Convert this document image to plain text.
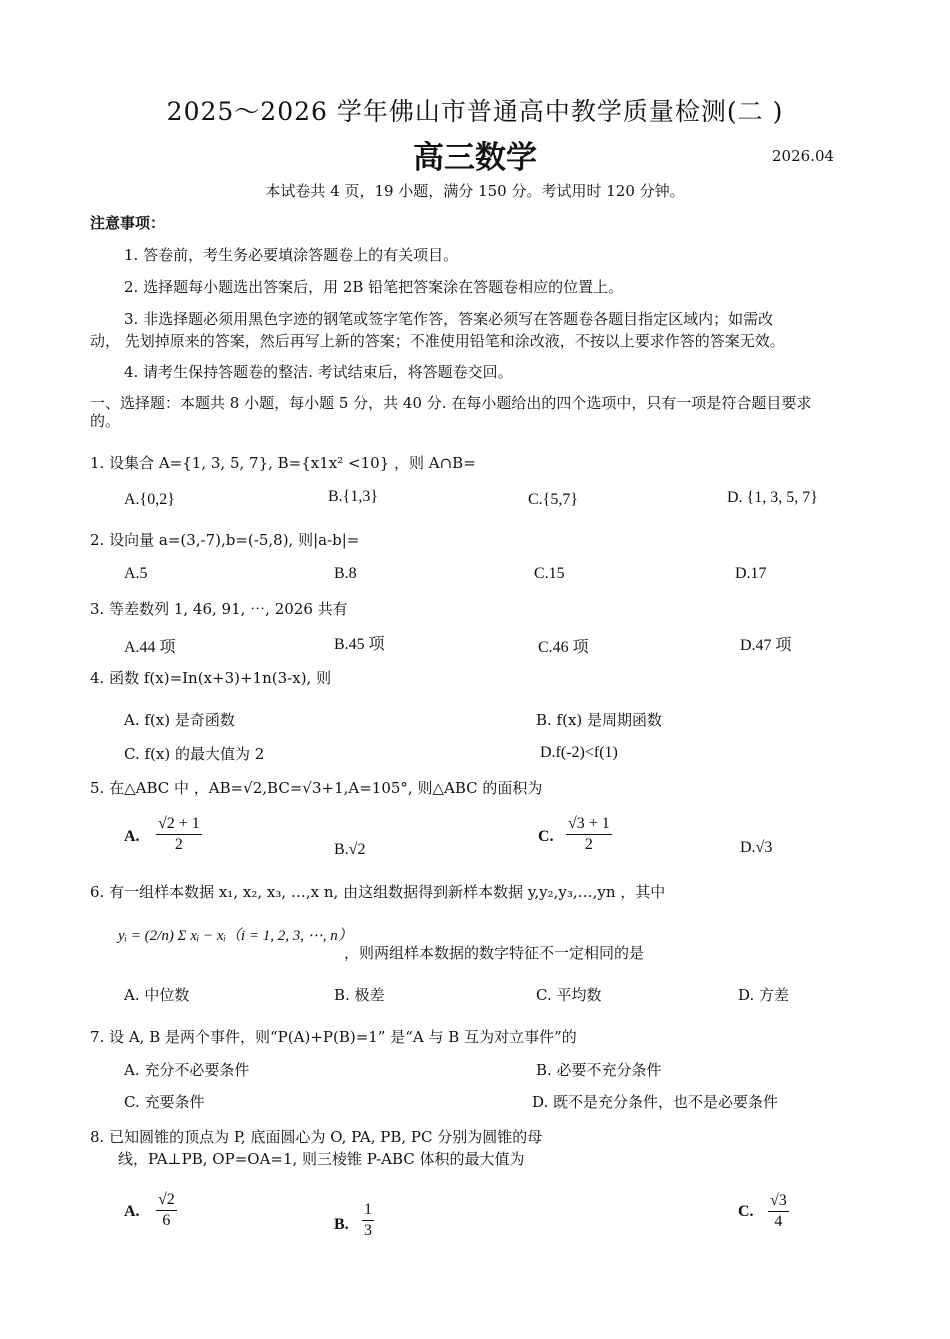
2025～2026 学年佛山市普通高中教学质量检测(二 )
高三数学	2026.04
本试卷共 4 页，19 小题，满分 150 分。考试用时 120 分钟。
注意事项：
1. 答卷前，考生务必要填涂答题卷上的有关项目。
2. 选择题每小题选出答案后，用 2B 铅笔把答案涂在答题卷相应的位置上。
3. 非选择题必须用黑色字迹的钢笔或签字笔作答，答案必须写在答题卷各题目指定区域内；如需改
动， 先划掉原来的答案，然后再写上新的答案；不准使用铅笔和涂改液，不按以上要求作答的答案无效。
4. 请考生保持答题卷的整洁. 考试结束后，将答题卷交回。
一、选择题：本题共 8 小题，每小题 5 分，共 40 分. 在每小题给出的四个选项中，只有一项是符合题目要求
的。
1. 设集合 A={1, 3, 5, 7}, B={x1x² <10} ，则 A∩B=
A.{0,2}	B.{1,3}	C.{5,7}	D. {1, 3, 5, 7}
2. 设向量 a=(3,-7),b=(-5,8), 则|a-b|=
A.5	B.8	C.15	D.17
3. 等差数列 1, 46, 91, ⋯, 2026 共有
A.44 项	B.45 项	C.46 项	D.47 项
4. 函数 f(x)=In(x+3)+1n(3-x), 则
A. f(x) 是奇函数	B. f(x) 是周期函数
C. f(x) 的最大值为 2	D.f(-2)<f(1)
5. 在△ABC 中 ，AB=√2,BC=√3+1,A=105°, 则△ABC 的面积为
A.
√2 + 1
2	B.√2
C.
√3 + 1
2	D.√3
6. 有一组样本数据 x₁, x₂, x₃, …,x n, 由这组数据得到新样本数据 y,y₂,y₃,…,yn ，其中
yᵢ = (2/n) Σ xᵢ − xᵢ（i = 1, 2, 3, ⋯, n）
，则两组样本数据的数字特征不一定相同的是
A. 中位数	B. 极差	C. 平均数	D. 方差
7. 设 A, B 是两个事件，则“P(A)+P(B)=1” 是“A 与 B 互为对立事件”的
A. 充分不必要条件	B. 必要不充分条件
C. 充要条件	D. 既不是充分条件，也不是必要条件
8. 已知圆锥的顶点为 P, 底面圆心为 O, PA, PB, PC 分别为圆锥的母
线，PA⊥PB, OP=OA=1, 则三棱锥 P-ABC 体积的最大值为
A.
√2
6	B.
1
3
C.
√3
4
